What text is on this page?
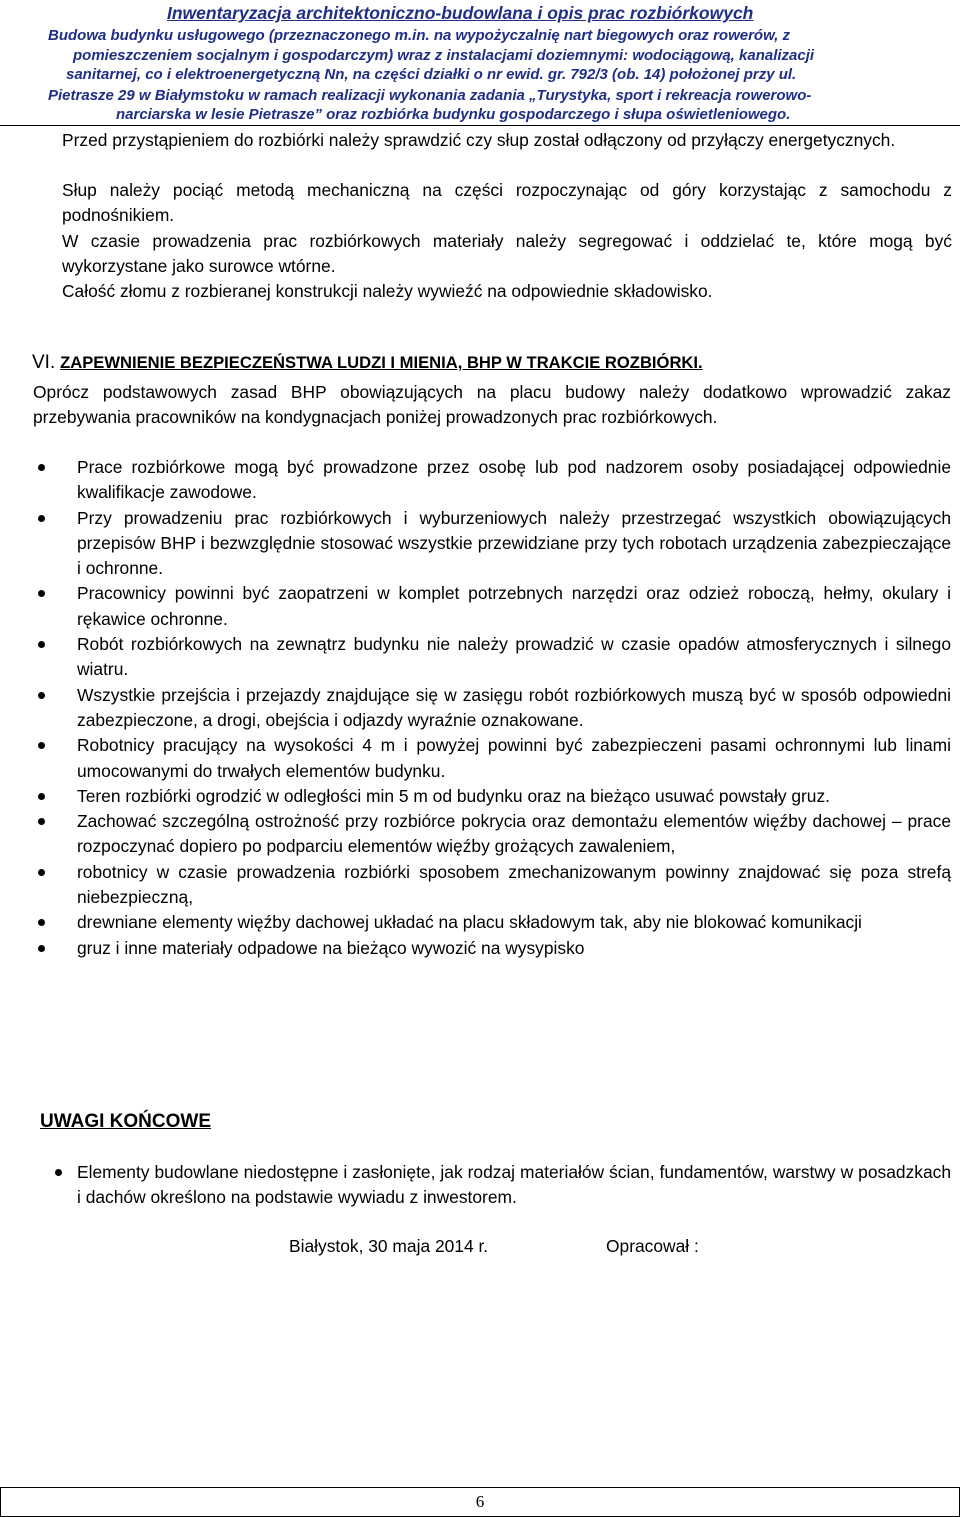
Inwentaryzacja architektoniczno-budowlana i opis prac rozbiórkowych
Budowa budynku usługowego (przeznaczonego m.in. na wypożyczalnię nart biegowych oraz rowerów, z
pomieszczeniem socjalnym i gospodarczym) wraz z instalacjami doziemnymi: wodociągową, kanalizacji
sanitarnej, co i elektroenergetyczną Nn, na części działki o nr ewid. gr. 792/3 (ob. 14) położonej przy ul.
Pietrasze 29 w Białymstoku w ramach realizacji wykonania zadania „Turystyka, sport i rekreacja rowerowo-
narciarska w lesie Pietrasze” oraz rozbiórka budynku gospodarczego i słupa oświetleniowego.
Przed przystąpieniem do rozbiórki należy sprawdzić czy słup został odłączony od przyłączy energetycznych.
Słup należy pociąć metodą mechaniczną na części rozpoczynając od góry korzystając z samochodu z podnośnikiem.
W czasie prowadzenia prac rozbiórkowych materiały należy segregować i oddzielać te, które mogą być wykorzystane jako surowce wtórne.
Całość złomu z rozbieranej konstrukcji należy wywieźć na odpowiednie składowisko.
VI. ZAPEWNIENIE BEZPIECZEŃSTWA LUDZI I MIENIA, BHP W TRAKCIE ROZBIÓRKI.
Oprócz podstawowych zasad BHP obowiązujących na placu budowy należy dodatkowo wprowadzić zakaz przebywania pracowników na kondygnacjach poniżej prowadzonych prac rozbiórkowych.
Prace rozbiórkowe mogą być prowadzone przez osobę lub pod nadzorem osoby posiadającej odpowiednie kwalifikacje zawodowe.
Przy prowadzeniu prac rozbiórkowych i wyburzeniowych należy przestrzegać wszystkich obowiązujących przepisów BHP i bezwzględnie stosować wszystkie przewidziane przy tych robotach urządzenia zabezpieczające i ochronne.
Pracownicy powinni być zaopatrzeni w komplet potrzebnych narzędzi oraz odzież roboczą, hełmy, okulary i rękawice ochronne.
Robót rozbiórkowych na zewnątrz budynku nie należy prowadzić w czasie opadów atmosferycznych i silnego wiatru.
Wszystkie przejścia i przejazdy znajdujące się w zasięgu robót rozbiórkowych muszą być w sposób odpowiedni zabezpieczone, a drogi, obejścia i odjazdy wyraźnie oznakowane.
Robotnicy pracujący na wysokości 4 m i powyżej powinni być zabezpieczeni pasami ochronnymi lub linami umocowanymi do trwałych elementów budynku.
Teren rozbiórki ogrodzić w odległości min 5 m od budynku oraz na bieżąco usuwać powstały gruz.
Zachować szczególną ostrożność przy rozbiórce pokrycia oraz demontażu elementów więźby dachowej – prace rozpoczynać dopiero po podparciu elementów więźby grożących zawaleniem,
robotnicy w czasie prowadzenia rozbiórki sposobem zmechanizowanym powinny znajdować się poza strefą niebezpieczną,
drewniane elementy więźby dachowej układać na placu składowym tak, aby nie blokować komunikacji
gruz i inne materiały odpadowe na bieżąco wywozić na wysypisko
UWAGI KOŃCOWE
Elementy budowlane niedostępne i zasłonięte, jak rodzaj materiałów ścian, fundamentów, warstwy w posadzkach i dachów określono na podstawie wywiadu z inwestorem.
Białystok, 30 maja 2014 r.	Opracował :
6
